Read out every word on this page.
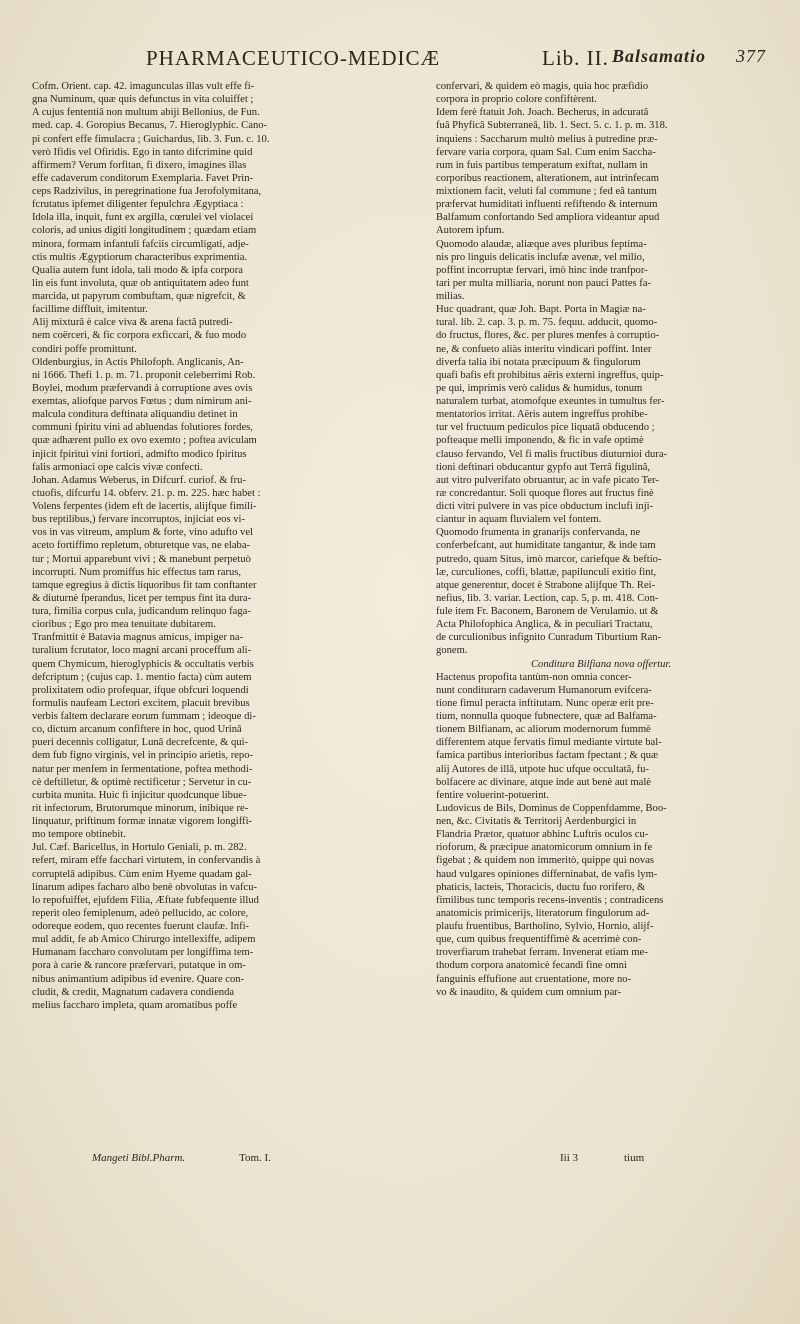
PHARMACEUTICO-MEDICÆ	Lib. II. Balsamatio 377
Cofm. Orient. cap. 42. imagunculas illas vult effe fi-
gna Numinum, quæ quis defunctus in vita coluiffet ;
A cujus fententiâ non multum abiji Bellonius, de Fun.
med. cap. 4. Goropius Becanus, 7. Hieroglyphic. Cano-
pi confert effe fimulacra ; Guichardus, lib. 3. Fun. c. 10.
verò Ifidis vel Ofiridis. Ego in tanto difcrimine quid
affirmem? Verum forfitan, fi dixero, imagines illas
effe cadaverum conditorum Exemplaria. Favet Prin-
ceps Radzivilus, in peregrinatione fua Jerofolymitana,
fcrutatus ipfemet diligenter fepulchra Ægyptiaca :
Idola illa, inquit, funt ex argilla, cœrulei vel violacei
coloris, ad unius digiti longitudinem ; quædam etiam
minora, formam infantuli fafciis circumligati, adje-
ctis multis Ægyptiorum characteribus exprimentia.
Qualia autem funt idola, tali modo & ipfa corpora
lin eis funt involuta, quæ ob antiquitatem adeo funt
marcida, ut papyrum combuftam, quæ nigrefcit, &
facillime diffluit, imitentur.
Alij mixturâ è calce viva & arena factâ putredi-
nem coërceri, & fic corpora exficcari, & fuo modo
condiri poffe promittunt.
Oldenburgius, in Actis Philofoph. Anglicanis, An-
ni 1666. Thefi 1. p. m. 71. proponit celeberrimi Rob.
Boylei, modum præfervandi à corruptione aves ovis
exemtas, aliofque parvos Fœtus ; dum nimirum ani-
malcula conditura deftinata aliquandiu detinet in
communi fpiritu vini ad abluendas folutiores fordes,
quæ adhærent pullo ex ovo exemto ; poftea aviculam
injicit fpiritui vini fortiori, admifto modico fpiritus
falis armoniaci ope calcis vivæ confecti.
Johan. Adamus Weberus, in Difcurf. curiof. & fru-
ctuofis, difcurfu 14. obferv. 21. p. m. 225. hæc habet :
Volens ferpentes (idem eft de lacertis, alijfque fimili-
bus reptilibus,) fervare incorruptos, injiciat eos vi-
vos in vas vitreum, amplum & forte, vino adufto vel
aceto fortiffimo repletum, obturetque vas, ne elaba-
tur ; Mortui apparebunt vivi ; & manebunt perpetuò
incorrupti. Num promiffus hic effectus tam rarus,
tamque egregius à dictis liquoribus fit tam conftanter
& diuturnè fperandus, licet per tempus fint ita dura-
tura, fimilia corpus cula, judicandum relinquo faga-
cioribus ; Ego pro mea tenuitate dubitarem.
Tranfmittit è Batavia magnus amicus, impiger na-
turalium fcrutator, loco magni arcani proceffum ali-
quem Chymicum, hieroglyphicis & occultatis verbis
defcriptum ; (cujus cap. 1. mentio facta) cùm autem
prolixitatem odio profequar, ifque obfcuri loquendi
formulis naufeam Lectori excitem, placuit brevibus
verbis faltem declarare eorum fummam ; ideoque di-
co, dictum arcanum confiftere in hoc, quod Urinâ
pueri decennis colligatur, Lunâ decrefcente, & qui-
dem fub figno virginis, vel in principio arietis, repo-
natur per menfem in fermentatione, poftea methodi-
cè deftilletur, & optimè rectificetur ; Servetur in cu-
curbita munita. Huic fi injicitur quodcunque libue-
rit infectorum, Brutorumque minorum, inibique re-
linquatur, priftinum formæ innatæ vigorem longiffi-
mo tempore obtinebit.
Jul. Cæf. Baricellus, in Hortulo Geniali, p. m. 282.
refert, miram effe facchari virtutem, in confervandis à
corruptelâ adipibus. Cùm enim Hyeme quadam gal-
linarum adipes facharo albo benè obvolutas in vafcu-
lo repofuiffet, ejufdem Filia, Æftate fubfequente illud
reperit oleo femiplenum, adeò pellucido, ac colore,
odoreque eodem, quo recentes fuerunt claufæ. Infi-
mul addit, fe ab Amico Chirurgo intellexiffe, adipem
Humanam faccharo convolutam per longiffima tem-
pora à carie & rancore præfervari, putatque in om-
nibus animantium adipibus id evenire. Quare con-
cludit, & credit, Magnatum cadavera condienda
melius faccharo impleta, quam aromatibus poffe
confervari, & quidem eò magis, quia hoc præfidio
corpora in proprio colore confiftèrent.
Idem ferè ftatuit Joh. Joach. Becherus, in adcuratâ
fuâ Phyficâ Subterraneâ, lib. 1. Sect. 5. c. 1. p. m. 318.
inquiens : Saccharum multò melius à putredine præ-
fervare varia corpora, quam Sal. Cum enim Saccha-
rum in fuis partibus temperatum exiftat, nullam in
corporibus reactionem, alterationem, aut intrinfecam
mixtionem facit, veluti fal commune ; fed eâ tantum
præfervat humiditati influenti refiftendo & internum
Balfamum confortando Sed ampliora videantur apud
Autorem ipfum.
Quomodo alaudæ, aliæque aves pluribus feptima-
nis pro linguis delicatis inclufæ avenæ, vel milio,
poffint incorruptæ fervari, imò hinc inde tranfpor-
tari per multa milliaria, norunt non pauci Pattes fa-
milias.
Huc quadrant, quæ Joh. Bapt. Porta in Magiæ na-
tural. lib. 2. cap. 3. p. m. 75. fequu. adducit, quomo-
do fructus, flores, &c. per plures menfes à corruptio-
ne, & confueto aliàs interitu vindicari poffint. Inter
diverfa talia ibi notata præcipuum & fingulorum
quafi bafis eft prohibitus aëris externi ingreffus, quip-
pe qui, imprimis verò calidus & humidus, tonum
naturalem turbat, atomofque exeuntes in tumultus fer-
mentatorios irritat. Aëris autem ingreffus prohibe-
tur vel fructuum pediculos pice liquatâ obducendo ;
pofteaque melli imponendo, & fic in vafe optimè
clauso fervando, Vel fi malis fructibus diuturnioi dura-
tioni deftinari obducantur gypfo aut Terrâ figulinâ,
aut vitro pulverifato obruantur, ac in vafe picato Ter-
ræ concredantur. Soli quoque flores aut fructus finè
dicti vitri pulvere in vas pice obductum inclufi inji-
ciantur in aquam fluvialem vel fontem.
Quomodo frumenta in granarijs confervanda, ne
conferbefcant, aut humiditate tangantur, & inde tam
putredo, quam Situs, imò marcor, cariefque & beftio-
læ, curculiones, coffi, blattæ, papilunculi exitio fint,
atque generentur, docet è Strabone alijfque Th. Rei-
nefius, lib. 3. variar. Lection, cap. 5, p. m. 418. Con-
fule item Fr. Baconem, Baronem de Verulamio. ut &
Acta Philofophica Anglica, & in peculiari Tractatu,
de curculionibus infignito Cunradum Tiburtium Ran-
gonem.
Conditura Bilfiana nova offertur.
Hactenus propofita tantùm-non omnia concer-
nunt conditurarn cadaverum Humanorum evifcera-
tione fimul peracta inftitutam. Nunc operæ erit pre-
tium, nonnulla quoque fubnectere, quæ ad Balfama-
tionem Bilfianam, ac aliorum modernorum fummè
differentem atque fervatis fimul mediante virtute bal-
famica partibus interioribus factam fpectant ; & quæ
alij Autores de illâ, utpote huc ufque occultatâ, fu-
bolfacere ac divinare, atque inde aut benè aut malè
fentire voluerint-potuerint.
Ludovicus de Bils, Dominus de Coppenfdamme, Boo-
nen, &c. Civitatis & Territorij Aerdenburgici in
Flandria Prætor, quatuor abhinc Luftris oculos cu-
rioforum, & præcipue anatomicorum omnium in fe
figebat ; & quidem non immeritò, quippe qui novas
haud vulgares opiniones differninabat, de vafis lym-
phaticis, lacteis, Thoracicis, ductu fuo rorifero, &
fimilibus tunc temporis recens-inventis ; contradicens
anatomicis primicerijs, literatorum fingulorum ad-
plaufu fruentibus, Bartholino, Sylvio, Hornio, alijf-
que, cum quibus frequentiffimè & acerrimè con-
troverfiarum trahebat ferram. Invenerat etiam me-
thodum corpora anatomicè fecandi fine omni
fanguinis effufione aut cruentatione, more no-
vo & inaudito, & quidem cum omnium par-
Mangeti Bibl.Pharm.	Tom. I.	Iii 3	tium
